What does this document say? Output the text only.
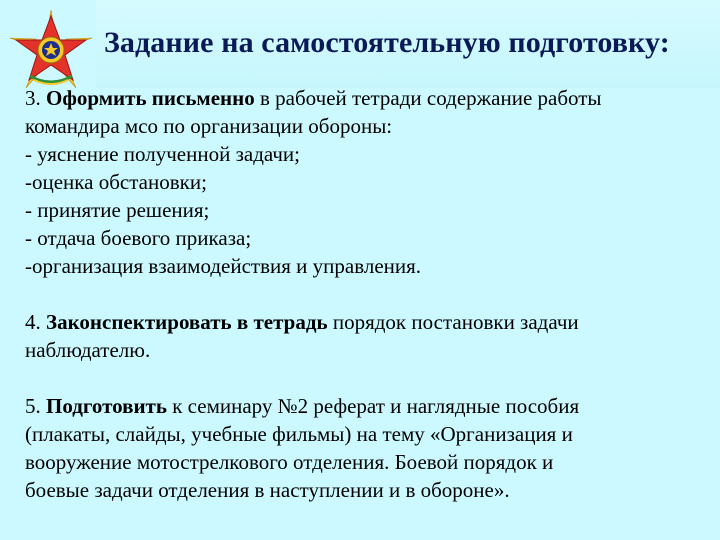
Задание на самостоятельную подготовку:

3. Оформить письменно в рабочей тетради содержание работы

командира мсо по организации обороны:

- уяснение полученной задачи;

-оценка обстановки;

- принятие решения;

- отдача боевого приказа;

-организация взаимодействия и управления.

4. Законспектировать в тетрадь порядок постановки задачи

наблюдателю.

5. Подготовить к семинару №2 реферат и наглядные пособия

(плакаты, слайды, учебные фильмы) на тему «Организация и

вооружение мотострелкового отделения. Боевой порядок и

боевые задачи отделения в наступлении и в обороне».
